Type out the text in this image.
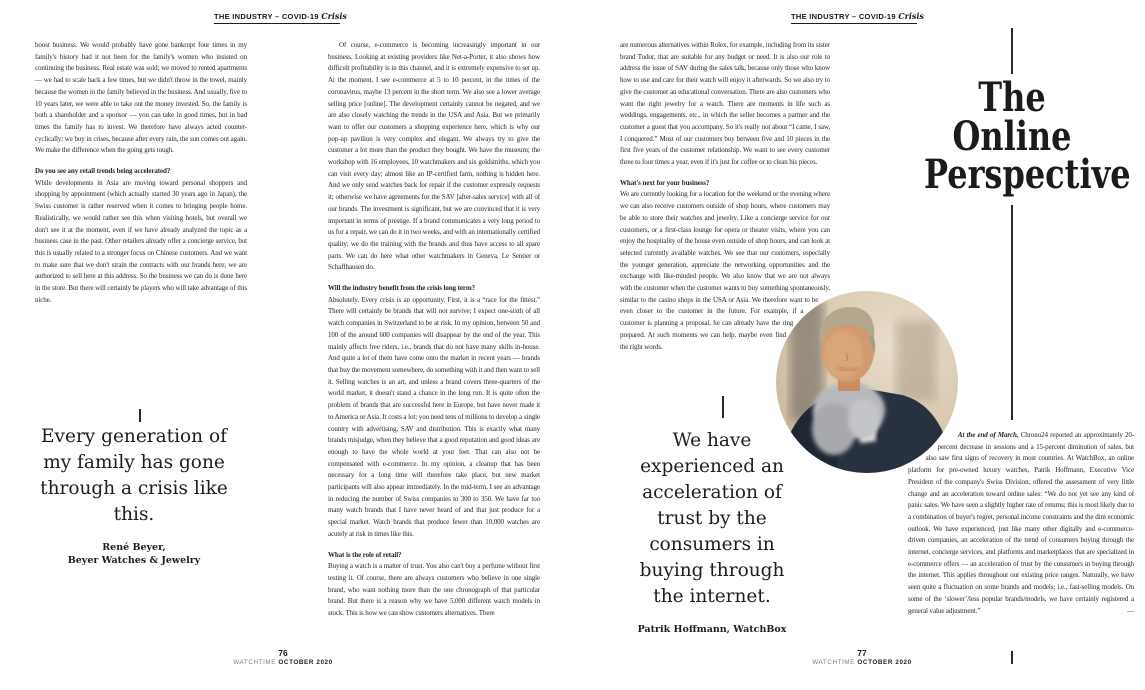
THE INDUSTRY – COVID-19 Crisis	THE INDUSTRY – COVID-19 Crisis

boost business. We would probably have gone bankrupt four times in my family's history had it not been for the family's women who insisted on continuing the business. Real estate was sold; we moved to rented apartments — we had to scale back a few times, but we didn't throw in the towel, mainly because the women in the family believed in the business. And usually, five to 10 years later, we were able to take out the money invested. So, the family is both a shareholder and a sponsor — you can take in good times, but in bad times the family has to invest. We therefore have always acted counter-cyclically; we buy in crises, because after every rain, the sun comes out again. We make the difference when the going gets tough.

Do you see any retail trends being accelerated?

While developments in Asia are moving toward personal shoppers and shopping by appointment (which actually started 30 years ago in Japan), the Swiss customer is rather reserved when it comes to bringing people home. Realistically, we would rather see this when visiting hotels, but overall we don't see it at the moment, even if we have already analyzed the topic as a business case in the past. Other retailers already offer a concierge service, but this is usually related to a stronger focus on Chinese customers. And we want to make sure that we don't strain the contracts with our brands here; we are authorized to sell here at this address. So the business we can do is done here in the store. But there will certainly be players who will take advantage of this niche.

Of course, e-commerce is becoming increasingly important in our business. Looking at existing providers like Net-a-Porter, it also shows how difficult profitability is in this channel, and it is extremely expensive to set up. At the moment, I see e-commerce at 5 to 10 percent, in the times of the coronavirus, maybe 13 percent in the short term. We also see a lower average selling price [online]. The development certainly cannot be negated, and we are also closely watching the trends in the USA and Asia. But we primarily want to offer our customers a shopping experience here, which is why our pop-up pavilion is very complex and elegant. We always try to give the customer a lot more than the product they bought. We have the museum; the workshop with 16 employees, 10 watchmakers and six goldsmiths, which you can visit every day; almost like an IP-certified farm, nothing is hidden here. And we only send watches back for repair if the customer expressly requests it; otherwise we have agreements for the SAV [after-sales service] with all of our brands. The investment is significant, but we are convinced that it is very important in terms of prestige. If a brand communicates a very long period to us for a repair, we can do it in two weeks, and with an internationally certified quality; we do the training with the brands and thus have access to all spare parts. We can do here what other watchmakers in Geneva, Le Sentier or Schaffhausen do.

Will the industry benefit from the crisis long term?

Absolutely. Every crisis is an opportunity. First, it is a “race for the fittest.” There will certainly be brands that will not survive; I expect one-sixth of all watch companies in Switzerland to be at risk. In my opinion, between 50 and 100 of the around 600 companies will disappear by the end of the year. This mainly affects free riders, i.e., brands that do not have many skills in-house. And quite a lot of them have come onto the market in recent years — brands that buy the movement somewhere, do something with it and then want to sell it. Selling watches is an art, and unless a brand covers three-quarters of the world market, it doesn't stand a chance in the long run. It is quite often the problem of brands that are successful here in Europe, but have never made it to America or Asia. It costs a lot; you need tens of millions to develop a single country with advertising, SAV and distribution. This is exactly what many brands misjudge, when they believe that a good reputation and good ideas are enough to have the whole world at your feet. That can also not be compensated with e-commerce. In my opinion, a cleanup that has been necessary for a long time will therefore take place, but new market participants will also appear immediately. In the mid-term, I see an advantage in reducing the number of Swiss companies to 300 to 350. We have far too many watch brands that I have never heard of and that just produce for a special market. Watch brands that produce fewer than 10,000 watches are acutely at risk in times like this.

What is the role of retail?

Buying a watch is a matter of trust. You also can't buy a perfume without first testing it. Of course, there are always customers who believe in one single brand, who want nothing more than the one chronograph of that particular brand. But there is a reason why we have 5,000 different watch models in stock. This is how we can show customers alternatives. There

Every generation of my family has gone through a crisis like this.
René Beyer,
Beyer Watches & Jewelry

are numerous alternatives within Rolex, for example, including from its sister brand Tudor, that are suitable for any budget or need. It is also our role to address the issue of SAV during the sales talk, because only those who know how to use and care for their watch will enjoy it afterwards. So we also try to give the customer an educational conversation. There are also customers who want the right jewelry for a watch. There are moments in life such as weddings, engagements, etc., in which the seller becomes a partner and the customer a guest that you accompany. So it's really not about “I came, I saw, I conquered.” Most of our customers buy between five and 10 pieces in the first five years of the customer relationship. We want to see every customer three to four times a year, even if it's just for coffee or to clean his pieces.

What's next for your business?

We are currently looking for a location for the weekend or the evening where we can also receive customers outside of shop hours, where customers may be able to store their watches and jewelry. Like a concierge service for our customers, or a first-class lounge for opera or theater visits, where you can enjoy the hospitality of the house even outside of shop hours, and can look at selected currently available watches. We see that our customers, especially the younger generation, appreciate the networking opportunities and the exchange with like-minded people. We also know that we are not always with the customer when the customer wants to buy something spontaneously, similar to the casino shops in the USA or Asia. We therefore want to be even closer to the customer in the future. For example, if a customer is planning a proposal, he can already have the ring prepared. At such moments we can help, maybe even find the right words.

We have experienced an acceleration of trust by the consumers in buying through the internet.
Patrik Hoffmann, WatchBox
The
Online
Perspective

At the end of March, Chrono24 reported an approximately 20-percent decrease in sessions and a 15-percent diminution of sales, but also saw first signs of recovery in most countries. At WatchBox, an online platform for pre-owned luxury watches, Patrik Hoffmann, Executive Vice President of the company's Swiss Division, offered the assessment of very little change and an acceleration toward online sales: “We do not yet see any kind of panic sales. We have seen a slightly higher rate of returns; this is most likely due to a combination of buyer's regret, personal income constraints and the dim economic outlook. We have experienced, just like many other digitally and e-commerce-driven companies, an acceleration of the trend of consumers buying through the internet, concierge services, and platforms and marketplaces that are specialized in e-commerce offers — an acceleration of trust by the consumers in buying through the internet. This applies throughout our existing price ranges. Naturally, we have seen quite a fluctuation on some brands and models; i.e., fast-selling models. On some of the ‘slower’/less popular brands/models, we have certainly registered a general value adjustment.”	—

76
WATCHTIME OCTOBER 2020
77
WATCHTIME OCTOBER 2020
